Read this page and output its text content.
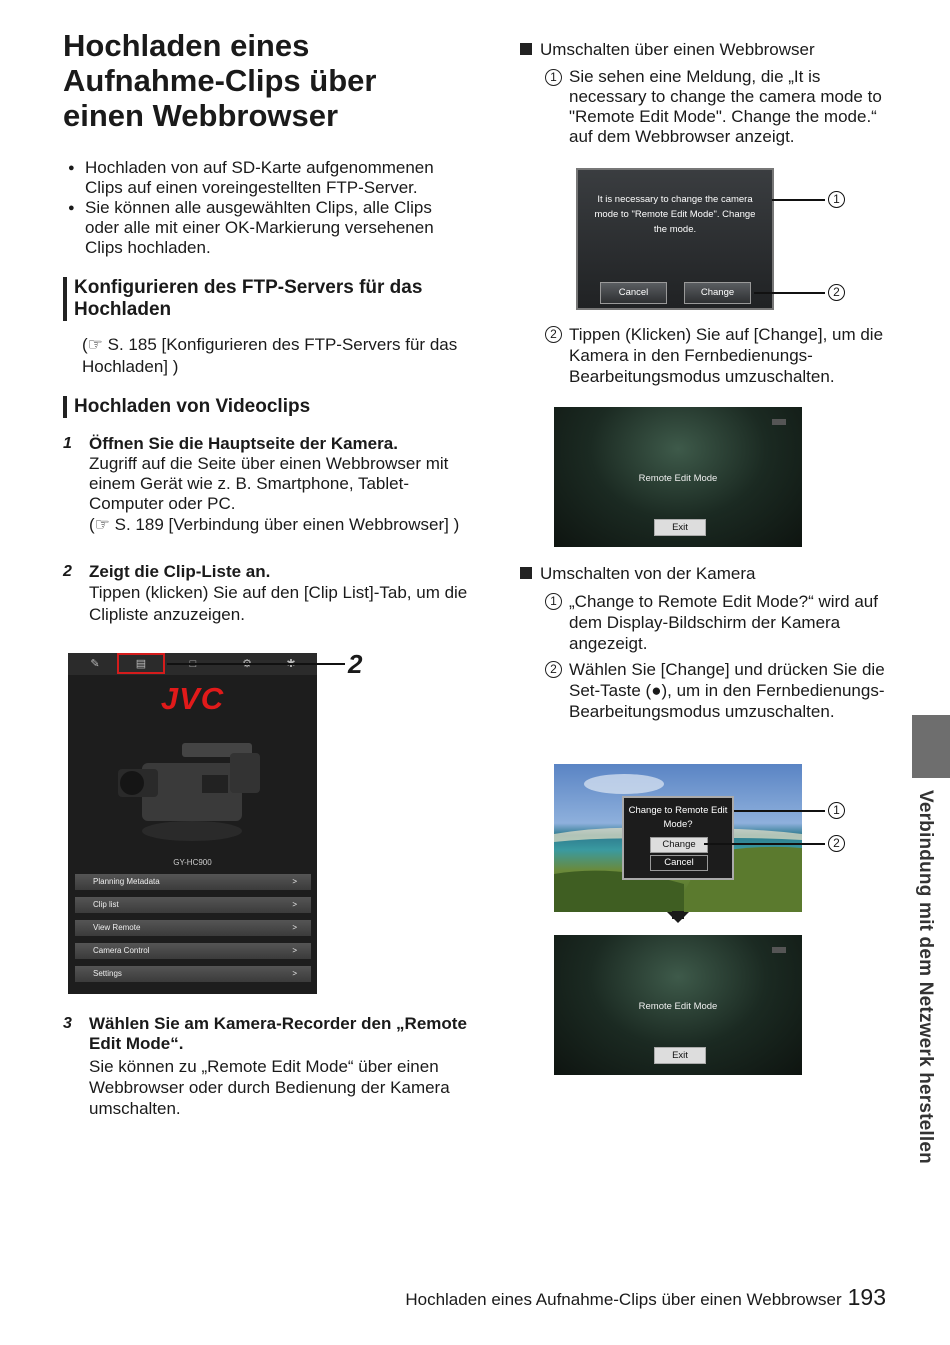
Hochladen eines Aufnahme-Clips über einen Webbrowser

● Hochladen von auf SD-Karte aufgenommenen Clips auf einen voreingestellten FTP-Server.

● Sie können alle ausgewählten Clips, alle Clips oder alle mit einer OK-Markierung versehenen Clips hochladen.

Konfigurieren des FTP-Servers für das Hochladen
(☞ S. 185 [Konfigurieren des FTP-Servers für das Hochladen] )
Hochladen von Videoclips
1 Öffnen Sie die Hauptseite der Kamera.
Zugriff auf die Seite über einen Webbrowser mit einem Gerät wie z. B. Smartphone, Tablet-Computer oder PC.
(☞ S. 189 [Verbindung über einen Webbrowser] )
2 Zeigt die Clip-Liste an.
Tippen (klicken) Sie auf den [Clip List]-Tab, um die Clipliste anzuzeigen.
✎	▤
JVC
GY-HC900
Planning Metadata	>
Clip list	>
View Remote	>
Camera Control	>
Settings	>
2
3 Wählen Sie am Kamera-Recorder den „Remote Edit Mode“.
Sie können zu „Remote Edit Mode“ über einen Webbrowser oder durch Bedienung der Kamera umschalten.
Umschalten über einen Webbrowser
1 Sie sehen eine Meldung, die „It is necessary to change the camera mode to "Remote Edit Mode". Change the mode.“ auf dem Webbrowser anzeigt.
It is necessary to change the camera mode to "Remote Edit Mode". Change the mode.
Cancel	Change
1
2
2 Tippen (Klicken) Sie auf [Change], um die Kamera in den Fernbedienungs-Bearbeitungsmodus umzuschalten.
Remote Edit Mode
Exit
Umschalten von der Kamera
1 „Change to Remote Edit Mode?“ wird auf dem Display-Bildschirm der Kamera angezeigt.
2 Wählen Sie [Change] und drücken Sie die Set-Taste (●), um in den Fernbedienungs-Bearbeitungsmodus umzuschalten.
Change to Remote Edit Mode?
Change
Cancel
1
2
Remote Edit Mode
Exit	Verbindung mit dem Netzwerk herstellen
Hochladen eines Aufnahme-Clips über einen Webbrowser 193
